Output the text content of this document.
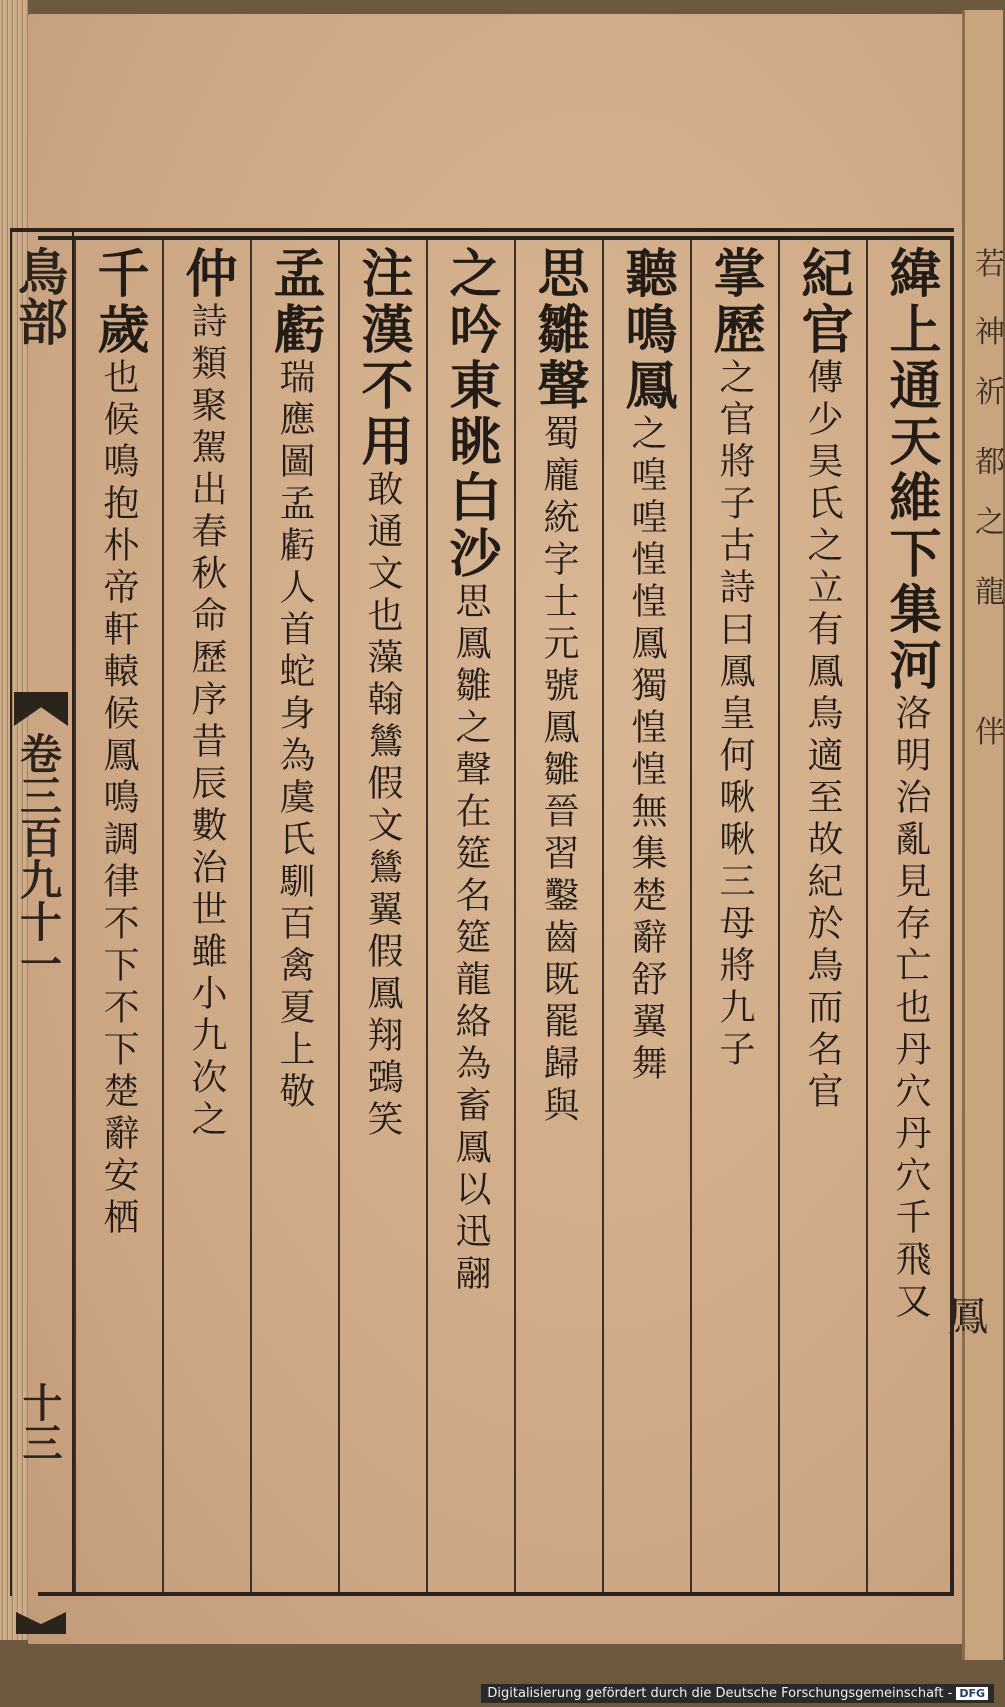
若
神
祈
都
之
龍
伴
鳥部
卷三百九十一
十三
緯上通天維下集河洛明治亂見存亡也丹穴丹穴千飛又
紀官傳少昊氏之立有鳳鳥適至故紀於鳥而名官
掌歷之官將子古詩曰鳳皇何啾啾三母將九子
聽鳴鳳之喤喤惶惶鳳獨惶惶無集楚辭舒翼舞
思雛聲蜀龐統字士元號鳳雛晉習鑿齒既罷歸與
之吟東眺白沙思鳳雛之聲在筵名筵龍絡為畜鳳以迅翮
注漢不用敢通文也藻翰鷥假文鷥翼假鳳翔鵶笑
孟虧瑞應圖孟虧人首蛇身為虞氏馴百禽夏上敬
仲詩類聚駕出春秋命歷序昔辰數治世雖小九次之
千歲也候鳴抱朴帝軒轅候鳳鳴調律不下不下楚辭安栖
鳳
Digitalisierung gefördert durch die Deutsche Forschungsgemeinschaft - DFG
